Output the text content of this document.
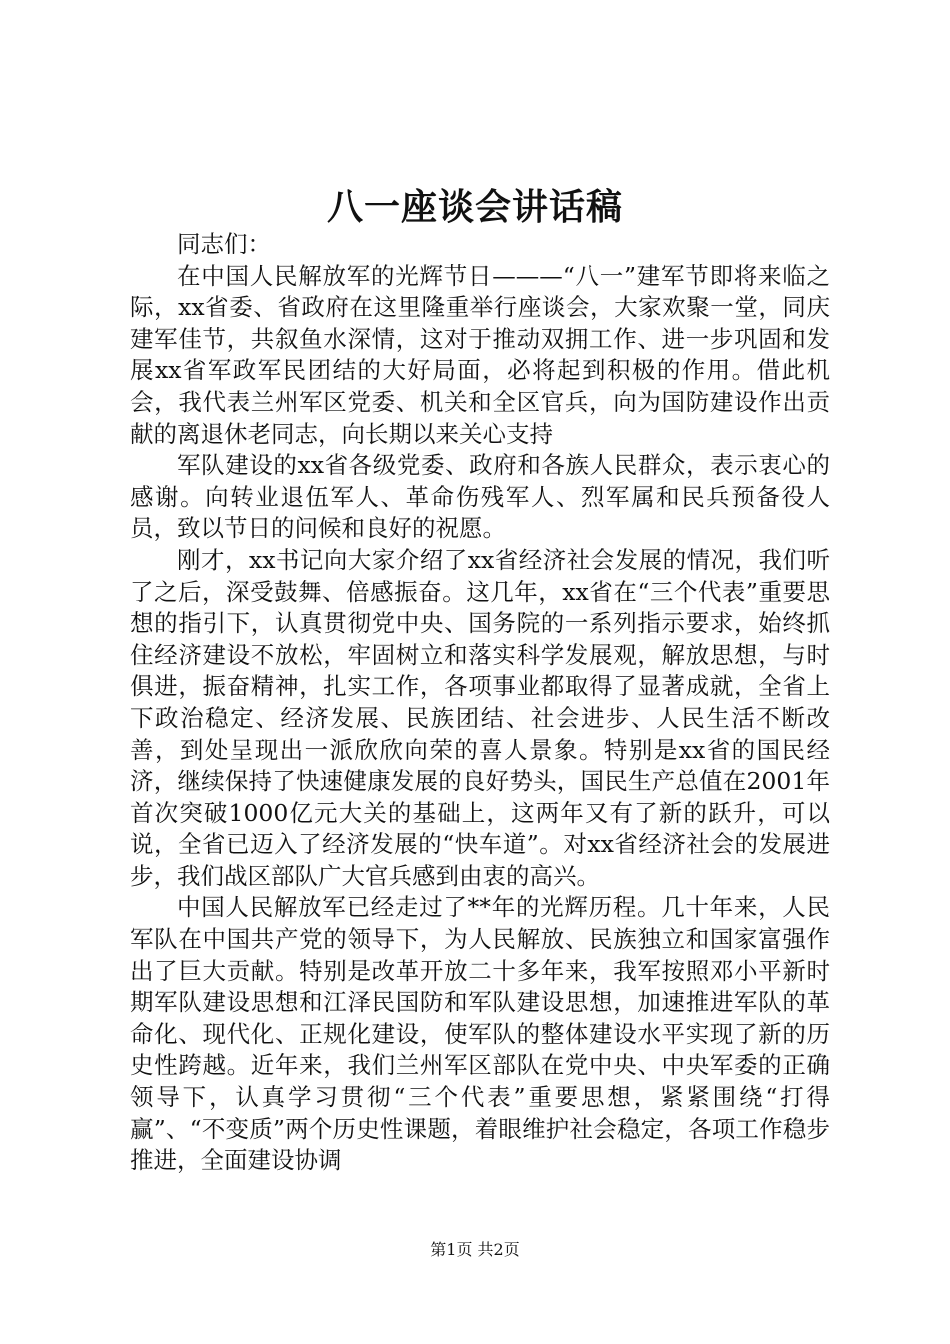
八一座谈会讲话稿

同志们：

在中国人民解放军的光辉节日———“八一”建军节即将来临之际，xx省委、省政府在这里隆重举行座谈会，大家欢聚一堂，同庆建军佳节，共叙鱼水深情，这对于推动双拥工作、进一步巩固和发展xx省军政军民团结的大好局面，必将起到积极的作用。借此机会，我代表兰州军区党委、机关和全区官兵，向为国防建设作出贡献的离退休老同志，向长期以来关心支持

军队建设的xx省各级党委、政府和各族人民群众，表示衷心的感谢。向转业退伍军人、革命伤残军人、烈军属和民兵预备役人员，致以节日的问候和良好的祝愿。

刚才，xx书记向大家介绍了xx省经济社会发展的情况，我们听了之后，深受鼓舞、倍感振奋。这几年，xx省在“三个代表”重要思想的指引下，认真贯彻党中央、国务院的一系列指示要求，始终抓住经济建设不放松，牢固树立和落实科学发展观，解放思想，与时俱进，振奋精神，扎实工作，各项事业都取得了显著成就，全省上下政治稳定、经济发展、民族团结、社会进步、人民生活不断改善，到处呈现出一派欣欣向荣的喜人景象。特别是xx省的国民经济，继续保持了快速健康发展的良好势头，国民生产总值在2001年首次突破1000亿元大关的基础上，这两年又有了新的跃升，可以说，全省已迈入了经济发展的“快车道”。对xx省经济社会的发展进步，我们战区部队广大官兵感到由衷的高兴。

中国人民解放军已经走过了**年的光辉历程。几十年来，人民军队在中国共产党的领导下，为人民解放、民族独立和国家富强作出了巨大贡献。特别是改革开放二十多年来，我军按照邓小平新时期军队建设思想和江泽民国防和军队建设思想，加速推进军队的革命化、现代化、正规化建设，使军队的整体建设水平实现了新的历史性跨越。近年来，我们兰州军区部队在党中央、中央军委的正确领导下，认真学习贯彻“三个代表”重要思想，紧紧围绕“打得赢”、“不变质”两个历史性课题，着眼维护社会稳定，各项工作稳步推进，全面建设协调

第1页 共2页
